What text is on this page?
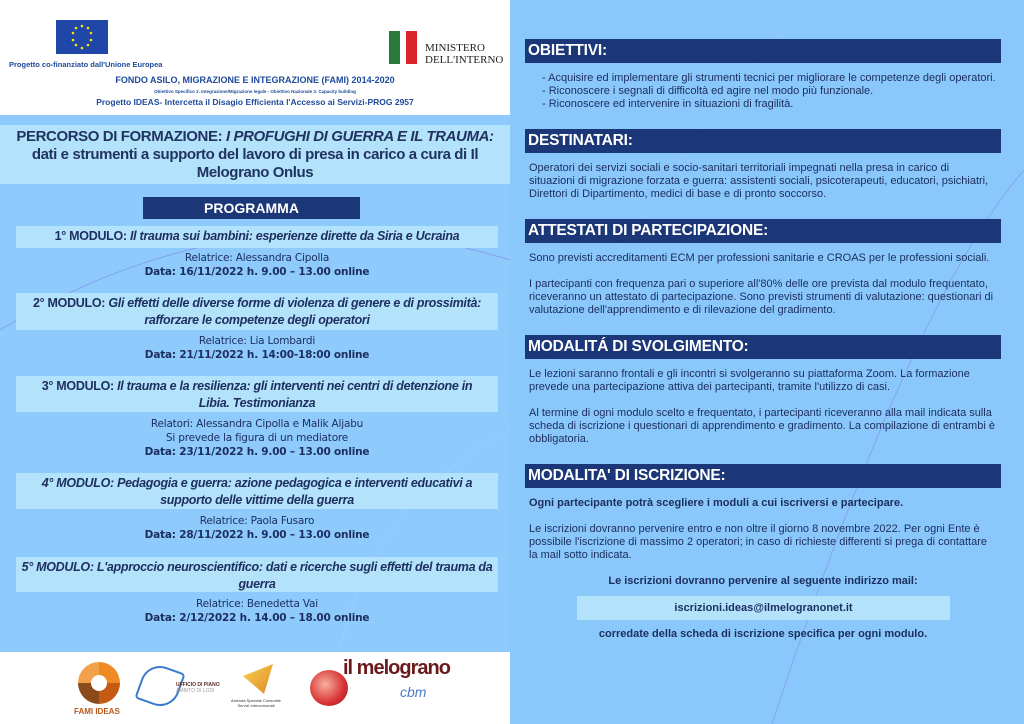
Progetto co-finanziato dall'Unione Europea
MINISTERO
DELL'INTERNO
FONDO ASILO, MIGRAZIONE E INTEGRAZIONE (FAMI) 2014-2020
Obiettivo Specifico 2. Integrazione/Migrazione legale - Obiettivo Nazionale 3. Capacity building
Progetto IDEAS- Intercetta il Disagio Efficienta l'Accesso ai Servizi-PROG 2957
PERCORSO DI FORMAZIONE: I PROFUGHI DI GUERRA E IL TRAUMA: dati e strumenti a supporto del lavoro di presa in carico a cura di Il Melograno Onlus
PROGRAMMA
1° MODULO: Il trauma sui bambini: esperienze dirette da Siria e Ucraina
Relatrice: Alessandra Cipolla
Data: 16/11/2022 h. 9.00 – 13.00 online
2° MODULO: Gli effetti delle diverse forme di violenza di genere e di prossimità: rafforzare le competenze degli operatori
Relatrice: Lia Lombardi
Data: 21/11/2022 h. 14:00-18:00 online
3° MODULO: Il trauma e la resilienza: gli interventi nei centri di detenzione in Libia. Testimonianza
Relatori: Alessandra Cipolla e Malik Aljabu
Si prevede la figura di un mediatore
Data: 23/11/2022 h. 9.00 – 13.00 online
4° MODULO: Pedagogia e guerra: azione pedagogica e interventi educativi a supporto delle vittime della guerra
Relatrice: Paola Fusaro
Data: 28/11/2022 h. 9.00 – 13.00 online
5° MODULO: L'approccio neuroscientifico: dati e ricerche sugli effetti del trauma da guerra
Relatrice: Benedetta Vai
Data: 2/12/2022 h. 14.00 – 18.00 online
FAMI IDEAS
UFFICIO DI PIANO
AMBITO DI LODI
Azienda Speciale Consortile Servizi Intercomunali
il melograno
cbm
OBIETTIVI:
- Acquisire ed implementare gli strumenti tecnici per migliorare le competenze degli operatori.
- Riconoscere i segnali di difficoltà ed agire nel modo più funzionale.
- Riconoscere ed intervenire in situazioni di fragilità.
DESTINATARI:

Operatori dei servizi sociali e socio-sanitari territoriali impegnati nella presa in carico di situazioni di migrazione forzata e guerra: assistenti sociali, psicoterapeuti, educatori, psichiatri, Direttori di Dipartimento, medici di base e di pronto soccorso.

ATTESTATI DI PARTECIPAZIONE:

Sono previsti accreditamenti ECM per professioni sanitarie e CROAS per le professioni sociali.

I partecipanti con frequenza pari o superiore all'80% delle ore prevista dal modulo frequentato, riceveranno un attestato di partecipazione. Sono previsti strumenti di valutazione: questionari di valutazione dell'apprendimento e di rilevazione del gradimento.

MODALITÁ DI SVOLGIMENTO:

Le lezioni saranno frontali e gli incontri si svolgeranno su piattaforma Zoom. La formazione prevede una partecipazione attiva dei partecipanti, tramite l'utilizzo di casi.

Al termine di ogni modulo scelto e frequentato, i partecipanti riceveranno alla mail indicata sulla scheda di iscrizione i questionari di apprendimento e gradimento. La compilazione di entrambi è obbligatoria.

MODALITA' DI ISCRIZIONE:

Ogni partecipante potrà scegliere i moduli a cui iscriversi e partecipare.

Le iscrizioni dovranno pervenire entro e non oltre il giorno 8 novembre 2022. Per ogni Ente è possibile l'iscrizione di massimo 2 operatori; in caso di richieste differenti si prega di contattare la mail sotto indicata.

Le iscrizioni dovranno pervenire al seguente indirizzo mail:

iscrizioni.ideas@ilmelogranonet.it
corredate della scheda di iscrizione specifica per ogni modulo.
